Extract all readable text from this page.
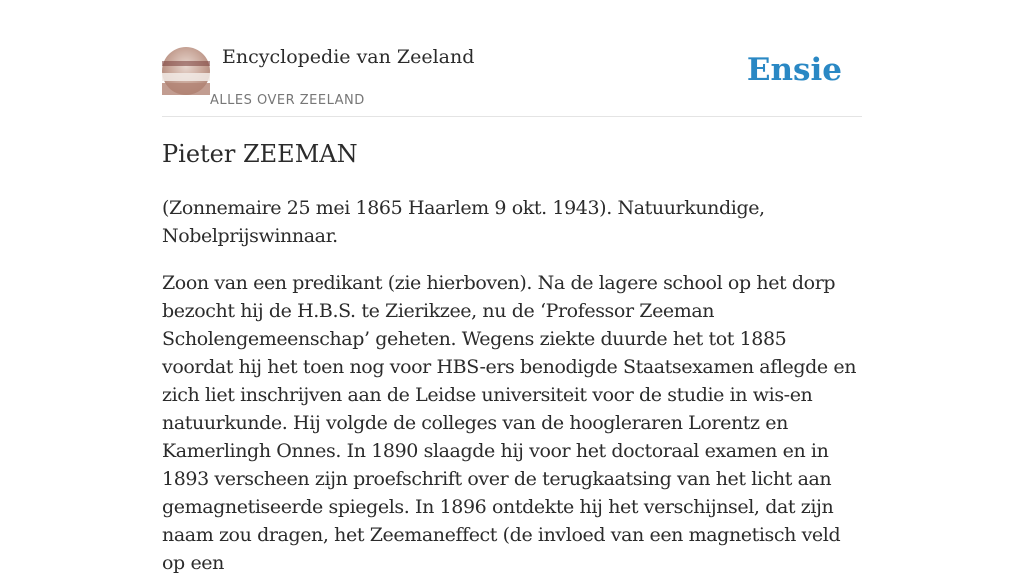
Encyclopedie van Zeeland
ALLES OVER ZEELAND
Ensie
Pieter ZEEMAN

(Zonnemaire 25 mei 1865 Haarlem 9 okt. 1943). Natuurkundige, Nobelprijswinnaar.

Zoon van een predikant (zie hierboven). Na de lagere school op het dorp bezocht hij de H.B.S. te Zierikzee, nu de ‘Professor Zeeman Scholengemeenschap’ geheten. Wegens ziekte duurde het tot 1885 voordat hij het toen nog voor HBS-ers benodigde Staatsexamen aflegde en zich liet inschrijven aan de Leidse universiteit voor de studie in wis-en natuurkunde. Hij volgde de colleges van de hoogleraren Lorentz en Kamerlingh Onnes. In 1890 slaagde hij voor het doctoraal examen en in 1893 verscheen zijn proefschrift over de terugkaatsing van het licht aan gemagnetiseerde spiegels. In 1896 ontdekte hij het verschijnsel, dat zijn naam zou dragen, het Zeemaneffect (de invloed van een magnetisch veld op een
